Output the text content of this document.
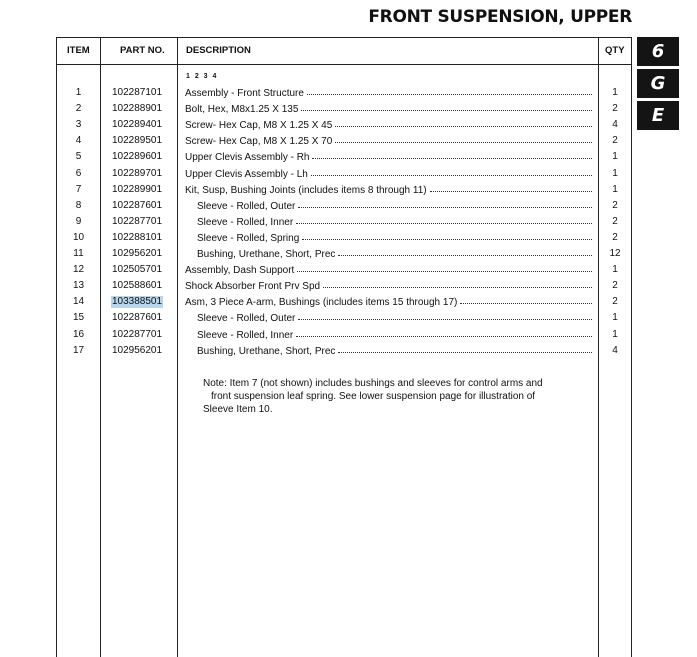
FRONT SUSPENSION, UPPER
ITEM	PART NO. DESCRIPTION	QTY
1 2 3 4
1	102287101 Assembly - Front Structure	1
2	102288901 Bolt, Hex, M8x1.25 X 135	2
3	102289401 Screw- Hex Cap, M8 X 1.25 X 45	4
4	102289501 Screw- Hex Cap, M8 X 1.25 X 70	2
5	102289601 Upper Clevis Assembly - Rh	1
6	102289701 Upper Clevis Assembly - Lh	1
7	102289901 Kit, Susp, Bushing Joints (includes items 8 through 11)	1
8	102287601	Sleeve - Rolled, Outer	2
9	102287701	Sleeve - Rolled, Inner	2
10	102288101	Sleeve - Rolled, Spring	2
11	102956201	Bushing, Urethane, Short, Prec	12
12	102505701 Assembly, Dash Support	1
13	102588601 Shock Absorber Front Prv Spd	2
14	103388501 Asm, 3 Piece A-arm, Bushings (includes items 15 through 17)	2
15	102287601	Sleeve - Rolled, Outer	1
16	102287701	Sleeve - Rolled, Inner	1
17	102956201	Bushing, Urethane, Short, Prec	4
Note: Item 7 (not shown) includes bushings and sleeves for control arms and
front suspension leaf spring. See lower suspension page for illustration of
Sleeve Item 10.
6
G
E
